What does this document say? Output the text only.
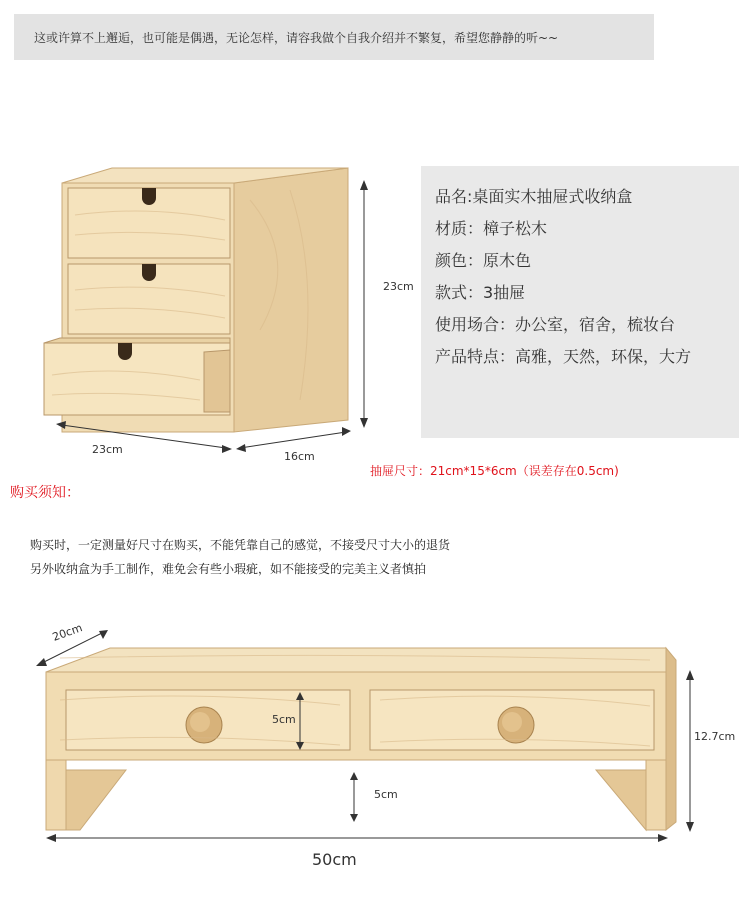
这或许算不上邂逅，也可能是偶遇，无论怎样，请容我做个自我介绍并不繁复，希望您静静的听~~
23cm
23cm
16cm
品名:桌面实木抽屉式收纳盒
材质：樟子松木
颜色：原木色
款式：3抽屉
使用场合：办公室，宿舍，梳妆台
产品特点：高雅，天然，环保，大方
抽屉尺寸：21cm*15*6cm（误差存在0.5cm)
购买须知：
购买时，一定测量好尺寸在购买，不能凭靠自己的感觉，不接受尺寸大小的退货
另外收纳盒为手工制作，难免会有些小瑕疵，如不能接受的完美主义者慎拍
20cm
5cm
5cm
12.7cm
50cm
